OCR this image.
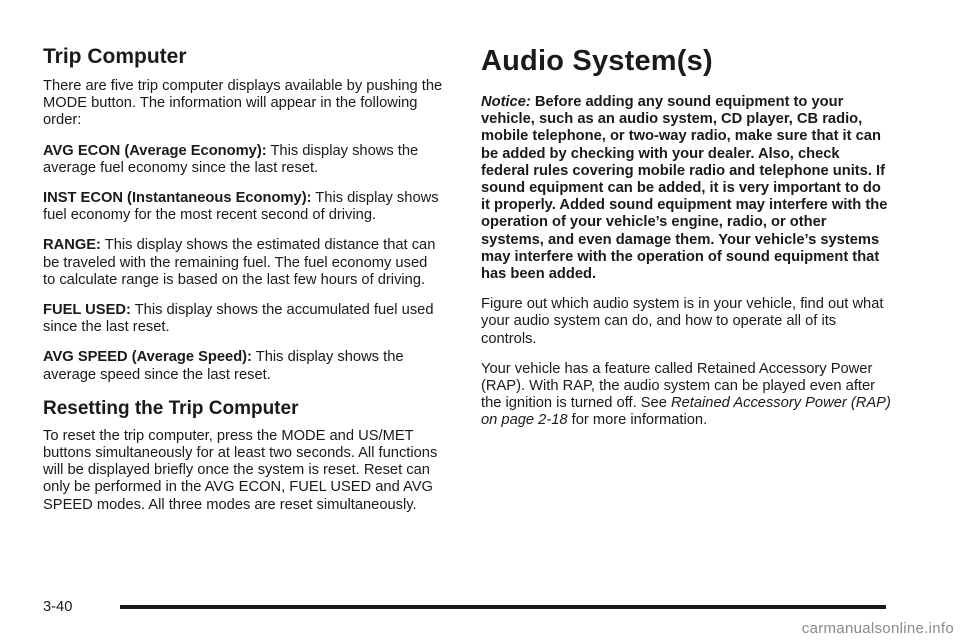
Trip Computer

There are five trip computer displays available by pushing the MODE button. The information will appear in the following order:

AVG ECON (Average Economy): This display shows the average fuel economy since the last reset.

INST ECON (Instantaneous Economy): This display shows fuel economy for the most recent second of driving.

RANGE: This display shows the estimated distance that can be traveled with the remaining fuel. The fuel economy used to calculate range is based on the last few hours of driving.

FUEL USED: This display shows the accumulated fuel used since the last reset.

AVG SPEED (Average Speed): This display shows the average speed since the last reset.

Resetting the Trip Computer

To reset the trip computer, press the MODE and US/MET buttons simultaneously for at least two seconds. All functions will be displayed briefly once the system is reset. Reset can only be performed in the AVG ECON, FUEL USED and AVG SPEED modes. All three modes are reset simultaneously.

Audio System(s)

Notice: Before adding any sound equipment to your vehicle, such as an audio system, CD player, CB radio, mobile telephone, or two-way radio, make sure that it can be added by checking with your dealer. Also, check federal rules covering mobile radio and telephone units. If sound equipment can be added, it is very important to do it properly. Added sound equipment may interfere with the operation of your vehicle’s engine, radio, or other systems, and even damage them. Your vehicle’s systems may interfere with the operation of sound equipment that has been added.

Figure out which audio system is in your vehicle, find out what your audio system can do, and how to operate all of its controls.

Your vehicle has a feature called Retained Accessory Power (RAP). With RAP, the audio system can be played even after the ignition is turned off. See Retained Accessory Power (RAP) on page 2-18 for more information.

3-40
carmanualsonline.info
